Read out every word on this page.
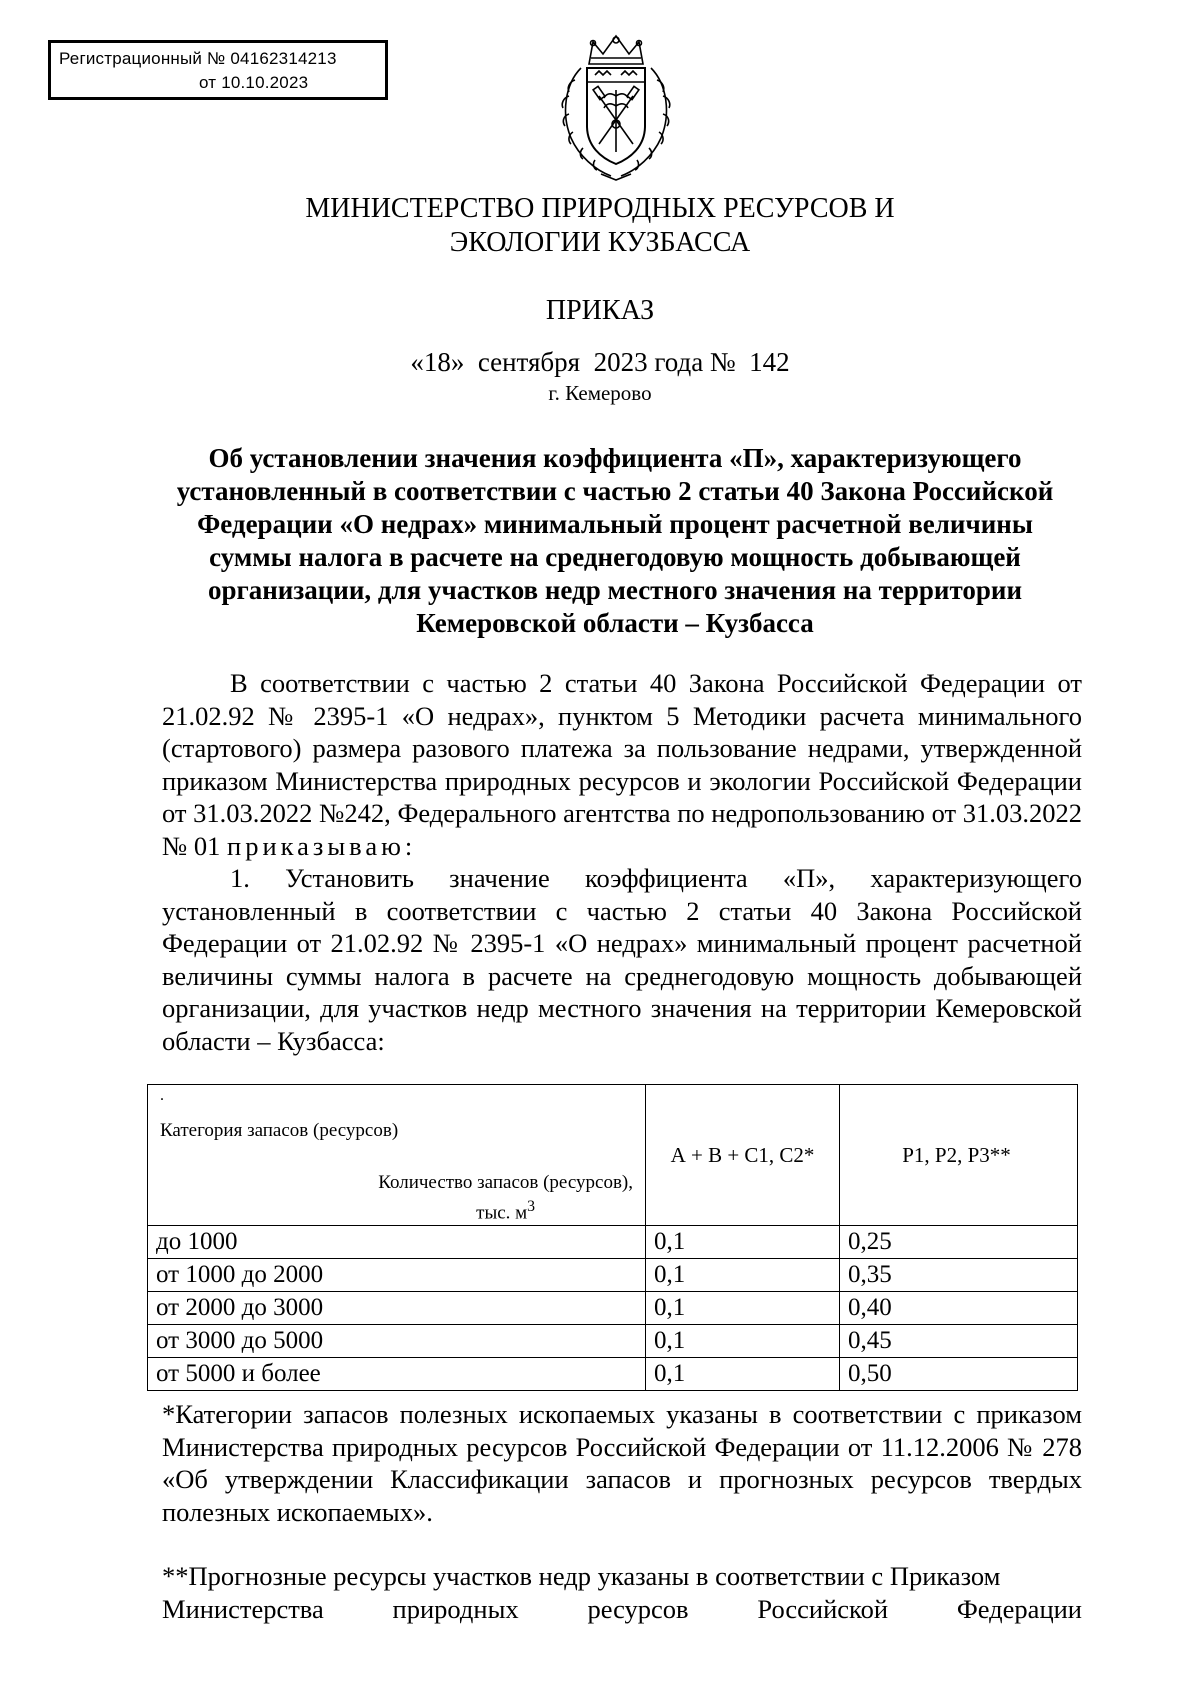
Регистрационный № 04162314213
от 10.10.2023
МИНИСТЕРСТВО ПРИРОДНЫХ РЕСУРСОВ И
ЭКОЛОГИИ КУЗБАССА
ПРИКАЗ
«18»  сентября  2023 года №  142
г. Кемерово
Об установлении значения коэффициента «П», характеризующего
установленный в соответствии с частью 2 статьи 40 Закона Российской
Федерации «О недрах» минимальный процент расчетной величины
суммы налога в расчете на среднегодовую мощность добывающей
организации, для участков недр местного значения на территории
Кемеровской области – Кузбасса

В соответствии с частью 2 статьи 40 Закона Российской Федерации от 21.02.92 № 2395-1 «О недрах», пунктом 5 Методики расчета минимального (стартового) размера разового платежа за пользование недрами, утвержденной приказом Министерства природных ресурсов и экологии Российской Федерации от 31.03.2022 №242, Федерального агентства по недропользованию от 31.03.2022 № 01 приказываю:

1. Установить значение коэффициента «П», характеризующего установленный в соответствии с частью 2 статьи 40 Закона Российской Федерации от 21.02.92 № 2395-1 «О недрах» минимальный процент расчетной величины суммы налога в расчете на среднегодовую мощность добывающей организации, для участков недр местного значения на территории Кемеровской области – Кузбасса:

.
Категория запасов (ресурсов)
Количество запасов (ресурсов),
тыс. $м^3$	А + В + С1, С2*	Р1, Р2, Р3**
до 1000	0,1	0,25
от 1000 до 2000	0,1	0,35
от 2000 до 3000	0,1	0,40
от 3000 до 5000	0,1	0,45
от 5000 и более	0,1	0,50

*Категории запасов полезных ископаемых указаны в соответствии с приказом Министерства природных ресурсов Российской Федерации от 11.12.2006 № 278 «Об утверждении Классификации запасов и прогнозных ресурсов твердых полезных ископаемых».

**Прогнозные ресурсы участков недр указаны в соответствии с Приказом
Министерства природных ресурсов Российской Федерации
